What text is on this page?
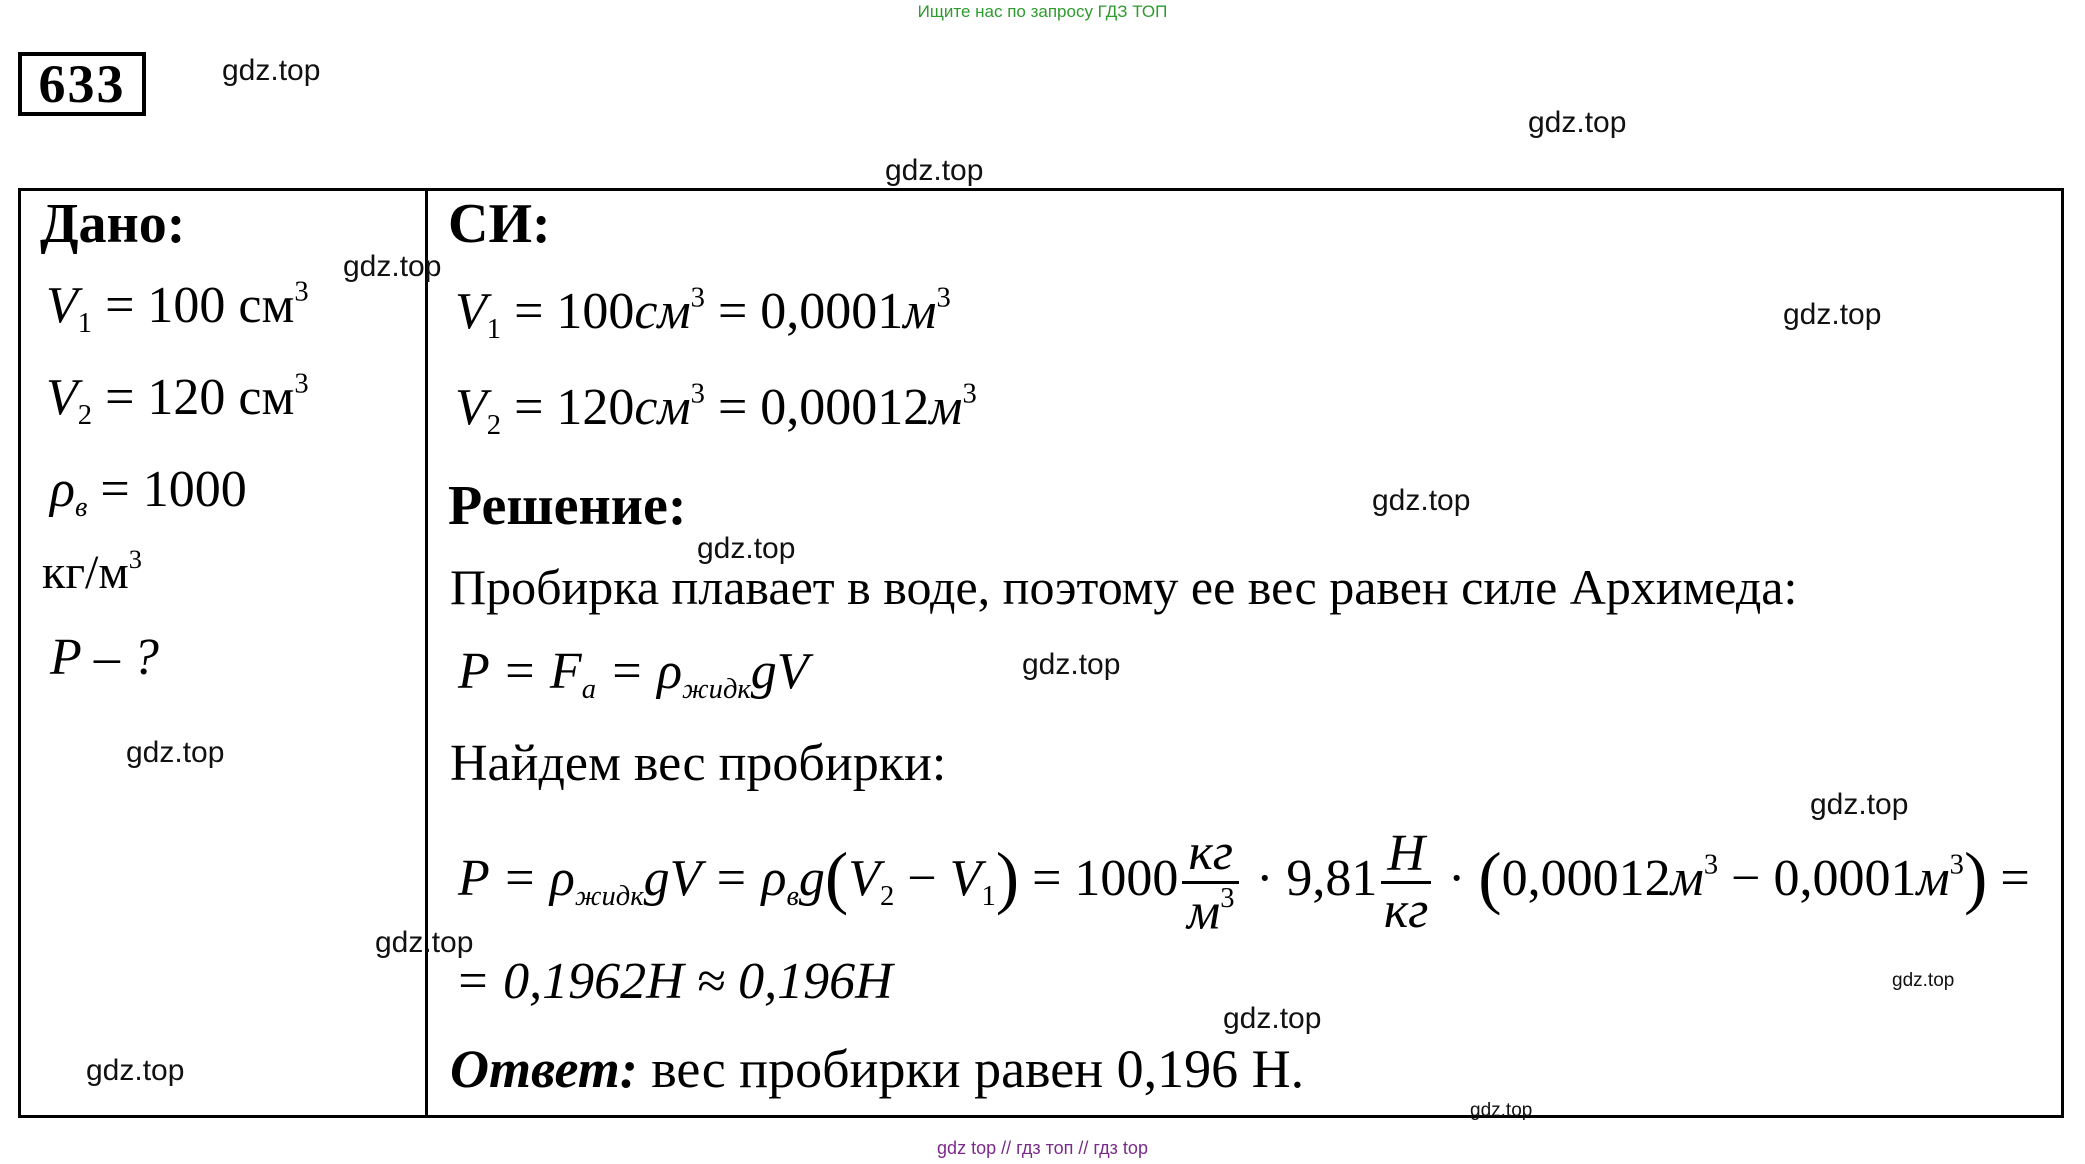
Ищите нас по запросу ГДЗ ТОП
633
Дано:
$V_1 = 100$ $см^3$
$V_2 = 120$ $см^3$
ρв = 1000
$кг/м^3$
P – ?
СИ:
$V_1 = 100см^3 = 0,0001м^3$
$V_2 = 120см^3 = 0,00012м^3$
Решение:
Пробирка плавает в воде, поэтому ее вес равен силе Архимеда:
P = Fa = ρжидкgV
Найдем вес пробирки:
P = ρжидкgV = $\rho вg(V_2 - V_1) = 1000 \frac{кг}{м^3} \cdot 9,81 \frac{Н}{кг} \cdot (0,00012м^3 - 0,0001м^3)$ =
= 0,1962H ≈ 0,196H
Ответ: вес пробирки равен 0,196 Н.
gdz.top
gdz.top
gdz.top
gdz.top
gdz.top
gdz.top
gdz.top
gdz.top
gdz.top
gdz.top
gdz.top
gdz.top
gdz.top
gdz.top
gdz.top
gdz top // гдз топ // гдз top
